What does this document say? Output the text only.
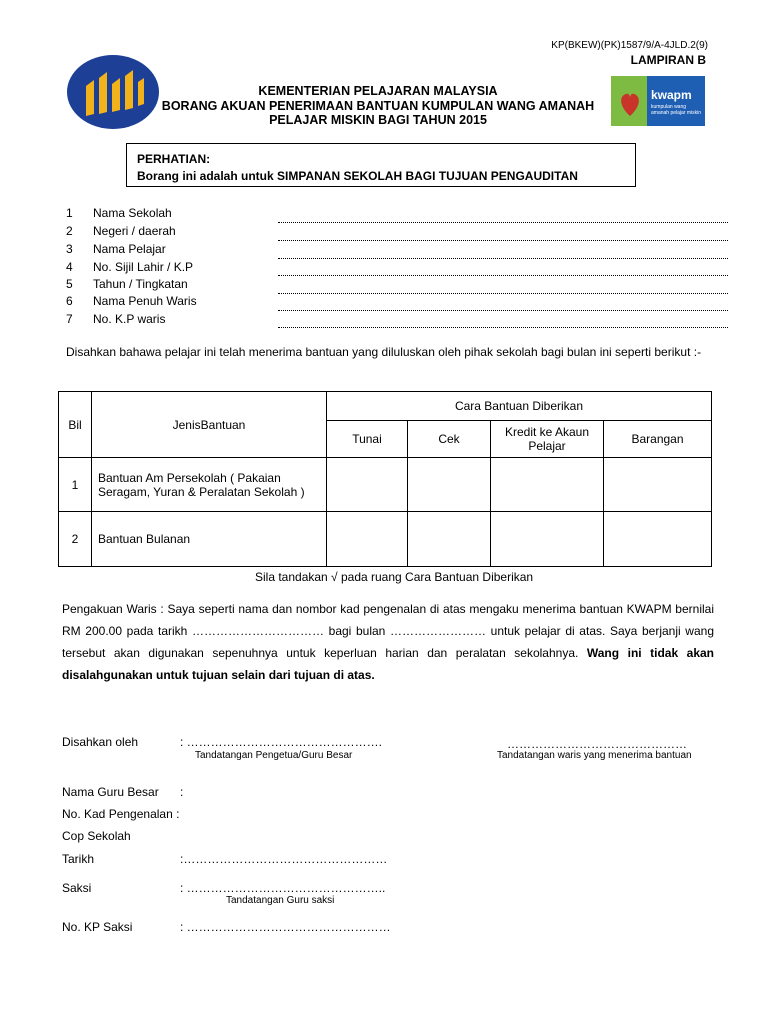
KP(BKEW)(PK)1587/9/A-4JLD.2(9)
LAMPIRAN B
KEMENTERIAN PELAJARAN MALAYSIA
BORANG AKUAN PENERIMAAN BANTUAN KUMPULAN WANG AMANAH
PELAJAR MISKIN BAGI TAHUN 2015
kwapm
kumpulan wang amanah pelajar miskin
PERHATIAN:
Borang ini adalah untuk SIMPANAN SEKOLAH BAGI TUJUAN PENGAUDITAN
1 Nama Sekolah
2 Negeri / daerah
3 Nama Pelajar
4 No. Sijil Lahir / K.P
5 Tahun / Tingkatan
6 Nama Penuh Waris
7 No. K.P waris
Disahkan bahawa pelajar ini telah menerima bantuan yang diluluskan oleh pihak sekolah bagi bulan ini seperti berikut :-
Bil	JenisBantuan	Cara Bantuan Diberikan			
		Tunai	Cek	Kredit ke Akaun Pelajar	Barangan
1	Bantuan Am Persekolah ( Pakaian Seragam, Yuran & Peralatan Sekolah )				
2	Bantuan Bulanan				
Sila tandakan √ pada ruang Cara Bantuan Diberikan
Pengakuan Waris : Saya seperti nama dan nombor kad pengenalan di atas mengaku menerima bantuan KWAPM bernilai RM 200.00 pada tarikh …………………………… bagi bulan …………………… untuk pelajar di atas. Saya berjanji wang tersebut akan digunakan sepenuhnya untuk keperluan harian dan peralatan sekolahnya. Wang ini tidak akan disalahgunakan untuk tujuan selain dari tujuan di atas.
Disahkan oleh	: ………………………………………….
Tandatangan Pengetua/Guru Besar
………………………………………
Tandatangan waris yang menerima bantuan
Nama Guru Besar :
No. Kad Pengenalan :
Cop Sekolah
Tarikh	:……………………………………………
Saksi	: …………………………………………..
Tandatangan Guru saksi
No. KP Saksi	: ……………………………………………
